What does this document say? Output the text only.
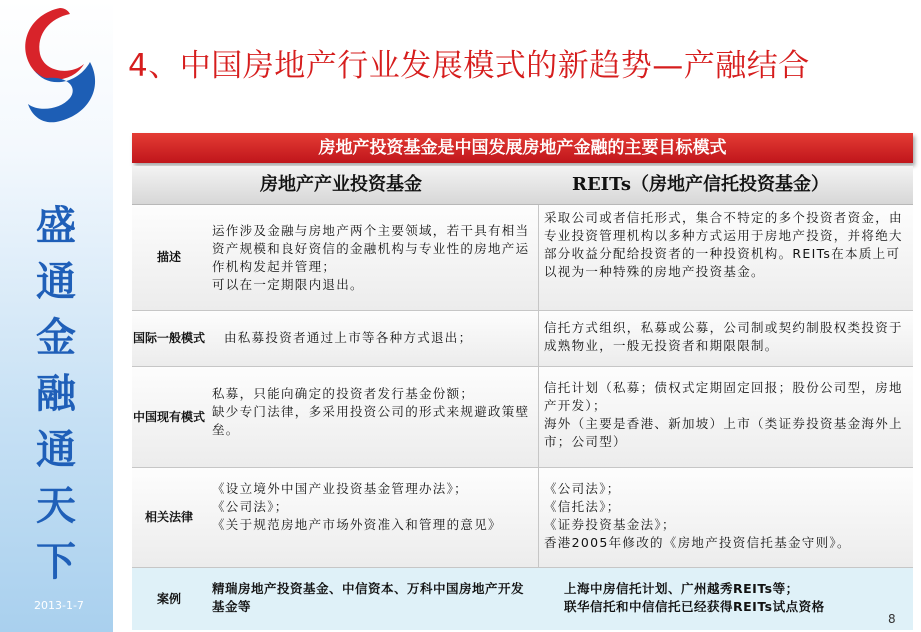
盛
通
金
融
通
天
下
2013-1-7
4、中国房地产行业发展模式的新趋势—产融结合
房地产投资基金是中国发展房地产金融的主要目标模式
房地产产业投资基金	REITs（房地产信托投资基金）
描述
运作涉及金融与房地产两个主要领域，若干具有相当资产规模和良好资信的金融机构与专业性的房地产运作机构发起并管理；
可以在一定期限内退出。
采取公司或者信托形式，集合不特定的多个投资者资金，由专业投资管理机构以多种方式运用于房地产投资，并将绝大部分收益分配给投资者的一种投资机构。REITs在本质上可以视为一种特殊的房地产投资基金。
国际一般模式	由私募投资者通过上市等各种方式退出；
信托方式组织，私募或公募，公司制或契约制股权类投资于成熟物业，一般无投资者和期限限制。
中国现有模式
私募，只能向确定的投资者发行基金份额；
缺少专门法律，多采用投资公司的形式来规避政策壁垒。
信托计划（私募；债权式定期固定回报；股份公司型，房地产开发）；
海外（主要是香港、新加坡）上市（类证券投资基金海外上市；公司型）
相关法律
《设立境外中国产业投资基金管理办法》；
《公司法》；
《关于规范房地产市场外资准入和管理的意见》
《公司法》；
《信托法》；
《证券投资基金法》；
香港2005年修改的《房地产投资信托基金守则》。
案例
精瑞房地产投资基金、中信资本、万科中国房地产开发基金等
上海中房信托计划、广州越秀REITs等；
联华信托和中信信托已经获得REITs试点资格
8
